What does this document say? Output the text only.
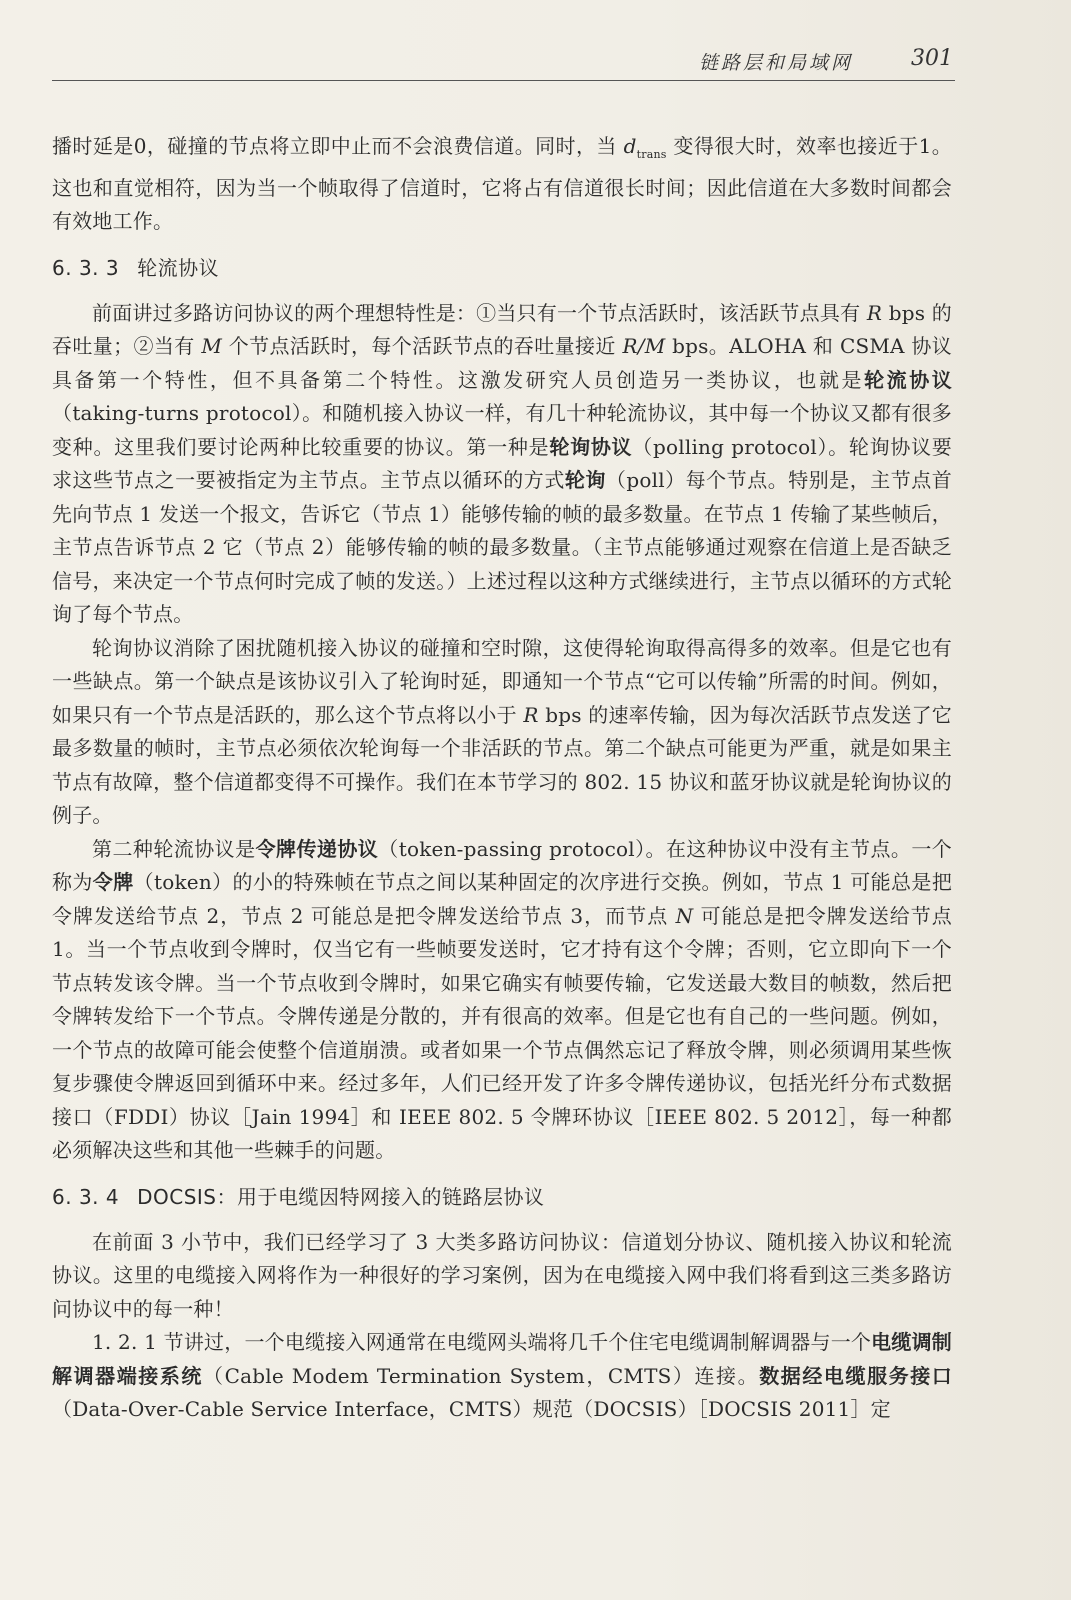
链路层和局域网	301

播时延是0，碰撞的节点将立即中止而不会浪费信道。同时，当 $d_{trans}$ 变得很大时，效率也接近于1。这也和直觉相符，因为当一个帧取得了信道时，它将占有信道很长时间；因此信道在大多数时间都会有效地工作。

6. 3. 3 轮流协议

前面讲过多路访问协议的两个理想特性是：①当只有一个节点活跃时，该活跃节点具有 R bps 的吞吐量；②当有 M 个节点活跃时，每个活跃节点的吞吐量接近 R/M bps。ALOHA 和 CSMA 协议具备第一个特性，但不具备第二个特性。这激发研究人员创造另一类协议，也就是轮流协议（taking-turns protocol）。和随机接入协议一样，有几十种轮流协议，其中每一个协议又都有很多变种。这里我们要讨论两种比较重要的协议。第一种是轮询协议（polling protocol）。轮询协议要求这些节点之一要被指定为主节点。主节点以循环的方式轮询（poll）每个节点。特别是，主节点首先向节点 1 发送一个报文，告诉它（节点 1）能够传输的帧的最多数量。在节点 1 传输了某些帧后，主节点告诉节点 2 它（节点 2）能够传输的帧的最多数量。（主节点能够通过观察在信道上是否缺乏信号，来决定一个节点何时完成了帧的发送。）上述过程以这种方式继续进行，主节点以循环的方式轮询了每个节点。

轮询协议消除了困扰随机接入协议的碰撞和空时隙，这使得轮询取得高得多的效率。但是它也有一些缺点。第一个缺点是该协议引入了轮询时延，即通知一个节点“它可以传输”所需的时间。例如，如果只有一个节点是活跃的，那么这个节点将以小于 R bps 的速率传输，因为每次活跃节点发送了它最多数量的帧时，主节点必须依次轮询每一个非活跃的节点。第二个缺点可能更为严重，就是如果主节点有故障，整个信道都变得不可操作。我们在本节学习的 802. 15 协议和蓝牙协议就是轮询协议的例子。

第二种轮流协议是令牌传递协议（token-passing protocol）。在这种协议中没有主节点。一个称为令牌（token）的小的特殊帧在节点之间以某种固定的次序进行交换。例如，节点 1 可能总是把令牌发送给节点 2，节点 2 可能总是把令牌发送给节点 3，而节点 N 可能总是把令牌发送给节点 1。当一个节点收到令牌时，仅当它有一些帧要发送时，它才持有这个令牌；否则，它立即向下一个节点转发该令牌。当一个节点收到令牌时，如果它确实有帧要传输，它发送最大数目的帧数，然后把令牌转发给下一个节点。令牌传递是分散的，并有很高的效率。但是它也有自己的一些问题。例如，一个节点的故障可能会使整个信道崩溃。或者如果一个节点偶然忘记了释放令牌，则必须调用某些恢复步骤使令牌返回到循环中来。经过多年，人们已经开发了许多令牌传递协议，包括光纤分布式数据接口（FDDI）协议［Jain 1994］和 IEEE 802. 5 令牌环协议［IEEE 802. 5 2012］，每一种都必须解决这些和其他一些棘手的问题。

6. 3. 4 DOCSIS：用于电缆因特网接入的链路层协议

在前面 3 小节中，我们已经学习了 3 大类多路访问协议：信道划分协议、随机接入协议和轮流协议。这里的电缆接入网将作为一种很好的学习案例，因为在电缆接入网中我们将看到这三类多路访问协议中的每一种！

1. 2. 1 节讲过，一个电缆接入网通常在电缆网头端将几千个住宅电缆调制解调器与一个电缆调制解调器端接系统（Cable Modem Termination System，CMTS）连接。数据经电缆服务接口（Data-Over-Cable Service Interface，CMTS）规范（DOCSIS）［DOCSIS 2011］定
